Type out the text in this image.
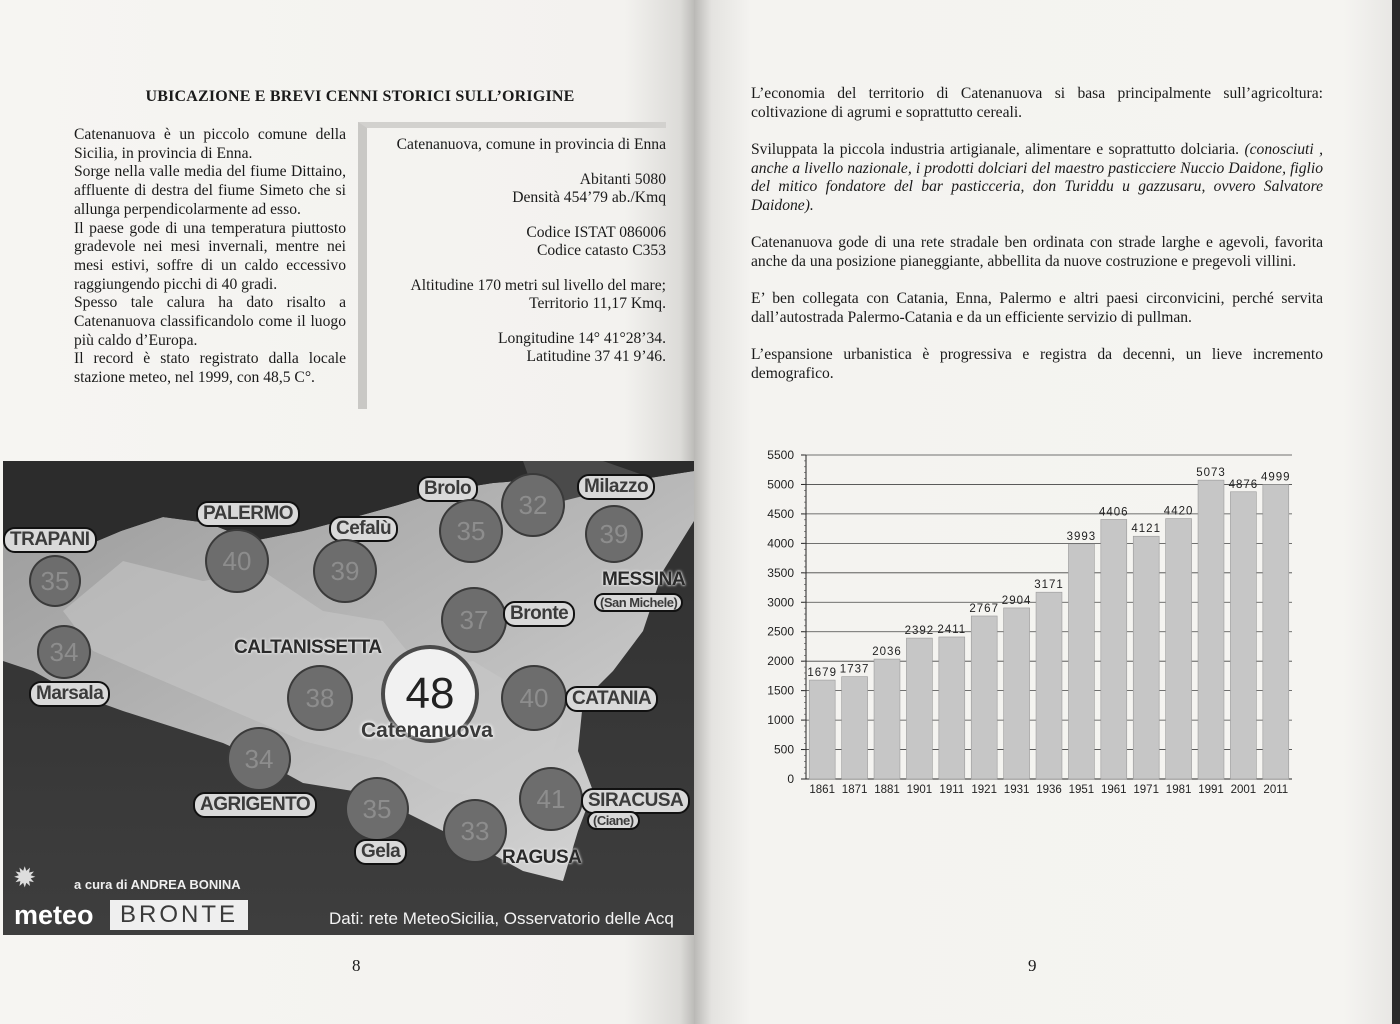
UBICAZIONE E BREVI CENNI STORICI SULL’ORIGINE

Catenanuova è un piccolo comune della Sicilia, in provincia di Enna.

Sorge nella valle media del fiume Dittaino, affluente di destra del fiume Simeto che si allunga perpendicolarmente ad esso.

Il paese gode di una temperatura piuttosto gradevole nei mesi invernali, mentre nei mesi estivi, soffre di un caldo eccessivo raggiungendo picchi di 40 gradi.

Spesso tale calura ha dato risalto a Catenanuova classificandolo come il luogo più caldo d’Europa.

Il record è stato registrato dalla locale stazione meteo, nel 1999, con 48,5 C°.

Catenanuova, comune in provincia di Enna
Abitanti 5080
Densità 454’79 ab./Kmq
Codice ISTAT 086006
Codice catasto C353
Altitudine 170 metri sul livello del mare;
Territorio 11,17 Kmq.
Longitudine 14° 41°28’34.
Latitudine 37 41 9’46.
TRAPANI
35
34
Marsala
PALERMO
40
Cefalù
39
Brolo
35
32
Milazzo
39
MESSINA
(San Michele)
37	Bronte
CALTANISSETTA
38	48
Catenanuova
40	CATANIA
34
AGRIGENTO	35
Gela
33
RAGUSA
41	SIRACUSA
(Ciane)
✹	a cura di ANDREA BONINA
meteo	BRONTE	Dati: rete MeteoSicilia, Osservatorio delle Acq
8

L’economia del territorio di Catenanuova si basa principalmente sull’agricoltura: coltivazione di agrumi e soprattutto cereali.

Sviluppata la piccola industria artigianale, alimentare e soprattutto dolciaria. (conosciuti , anche a livello nazionale, i prodotti dolciari del maestro pasticciere Nuccio Daidone, figlio del mitico fondatore del bar pasticceria, don Turiddu u gazzusaru, ovvero Salvatore Daidone).

Catenanuova gode di una rete stradale ben ordinata con strade larghe e agevoli, favorita anche da una posizione pianeggiante, abbellita da nuove costruzione e pregevoli villini.

E’ ben collegata con Catania, Enna, Palermo e altri paesi circonvicini, perché servita dall’autostrada Palermo-Catania e da un efficiente servizio di pullman.

L’espansione urbanistica è progressiva e registra da decenni, un lieve incremento demografico.

0
500
1000
1500
2000
2500
3000
3500
4000
4500
5000
5500
1679 1737
2036
2392 2411
2767
2904
3171
3993
4406
4121
4420
5073
4876
4999
1861 1871 1881 1901 1911 1921 1931 1936 1951 1961 1971 1981 1991 2001 2011
9
